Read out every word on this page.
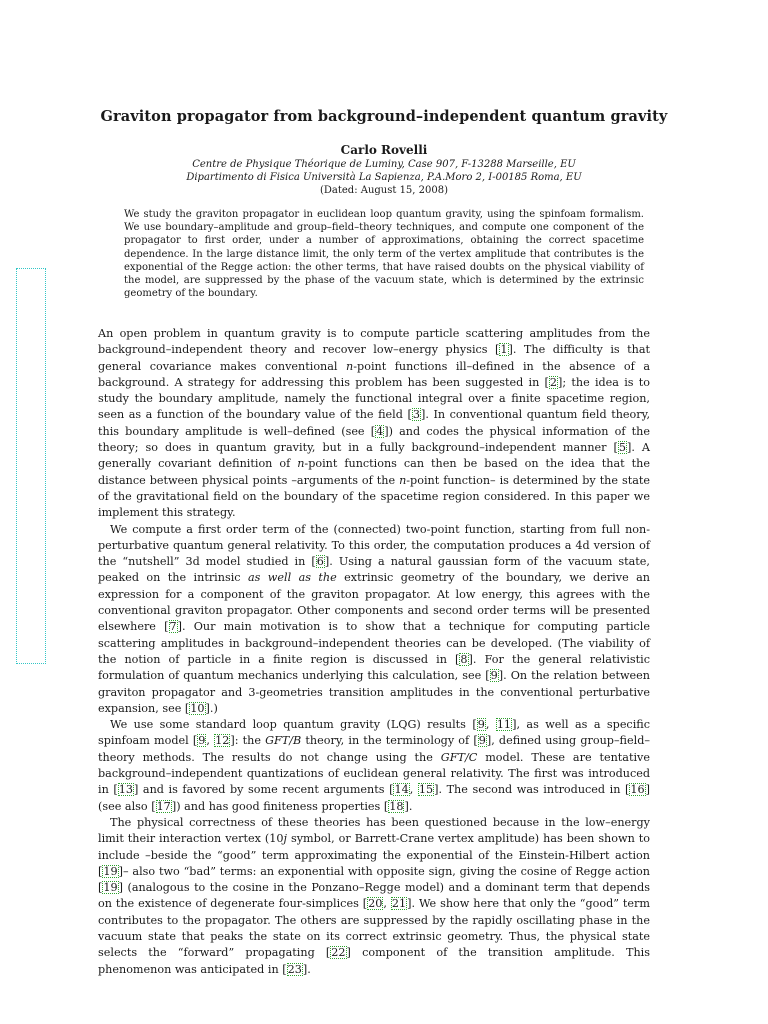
Graviton propagator from background–independent quantum gravity
Carlo Rovelli
Centre de Physique Théorique de Luminy, Case 907, F-13288 Marseille, EU
Dipartimento di Fisica Università La Sapienza, P.A.Moro 2, I-00185 Roma, EU
(Dated: August 15, 2008)
We study the graviton propagator in euclidean loop quantum gravity, using the spinfoam formalism. We use boundary–amplitude and group–field–theory techniques, and compute one component of the propagator to first order, under a number of approximations, obtaining the correct spacetime dependence. In the large distance limit, the only term of the vertex amplitude that contributes is the exponential of the Regge action: the other terms, that have raised doubts on the physical viability of the model, are suppressed by the phase of the vacuum state, which is determined by the extrinsic geometry of the boundary.

An open problem in quantum gravity is to compute particle scattering amplitudes from the background–independent theory and recover low–energy physics [1]. The difficulty is that general covariance makes conventional n-point functions ill–defined in the absence of a background. A strategy for addressing this problem has been suggested in [2]; the idea is to study the boundary amplitude, namely the functional integral over a finite spacetime region, seen as a function of the boundary value of the field [3]. In conventional quantum field theory, this boundary amplitude is well–defined (see [4]) and codes the physical information of the theory; so does in quantum gravity, but in a fully background–independent manner [5]. A generally covariant definition of n-point functions can then be based on the idea that the distance between physical points –arguments of the n-point function– is determined by the state of the gravitational field on the boundary of the spacetime region considered. In this paper we implement this strategy.

We compute a first order term of the (connected) two-point function, starting from full non-perturbative quantum general relativity. To this order, the computation produces a 4d version of the “nutshell” 3d model studied in [6]. Using a natural gaussian form of the vacuum state, peaked on the intrinsic as well as the extrinsic geometry of the boundary, we derive an expression for a component of the graviton propagator. At low energy, this agrees with the conventional graviton propagator. Other components and second order terms will be presented elsewhere [7]. Our main motivation is to show that a technique for computing particle scattering amplitudes in background–independent theories can be developed. (The viability of the notion of particle in a finite region is discussed in [8]. For the general relativistic formulation of quantum mechanics underlying this calculation, see [9]. On the relation between graviton propagator and 3-geometries transition amplitudes in the conventional perturbative expansion, see [10].)

We use some standard loop quantum gravity (LQG) results [9, 11], as well as a specific spinfoam model [9, 12]: the GFT/B theory, in the terminology of [9], defined using group–field–theory methods. The results do not change using the GFT/C model. These are tentative background–independent quantizations of euclidean general relativity. The first was introduced in [13] and is favored by some recent arguments [14, 15]. The second was introduced in [16] (see also [17]) and has good finiteness properties [18].

The physical correctness of these theories has been questioned because in the low–energy limit their interaction vertex (10j symbol, or Barrett-Crane vertex amplitude) has been shown to include –beside the “good” term approximating the exponential of the Einstein-Hilbert action [19]– also two “bad” terms: an exponential with opposite sign, giving the cosine of Regge action [19] (analogous to the cosine in the Ponzano–Regge model) and a dominant term that depends on the existence of degenerate four-simplices [20, 21]. We show here that only the “good” term contributes to the propagator. The others are suppressed by the rapidly oscillating phase in the vacuum state that peaks the state on its correct extrinsic geometry. Thus, the physical state selects the “forward” propagating [22] component of the transition amplitude. This phenomenon was anticipated in [23].
